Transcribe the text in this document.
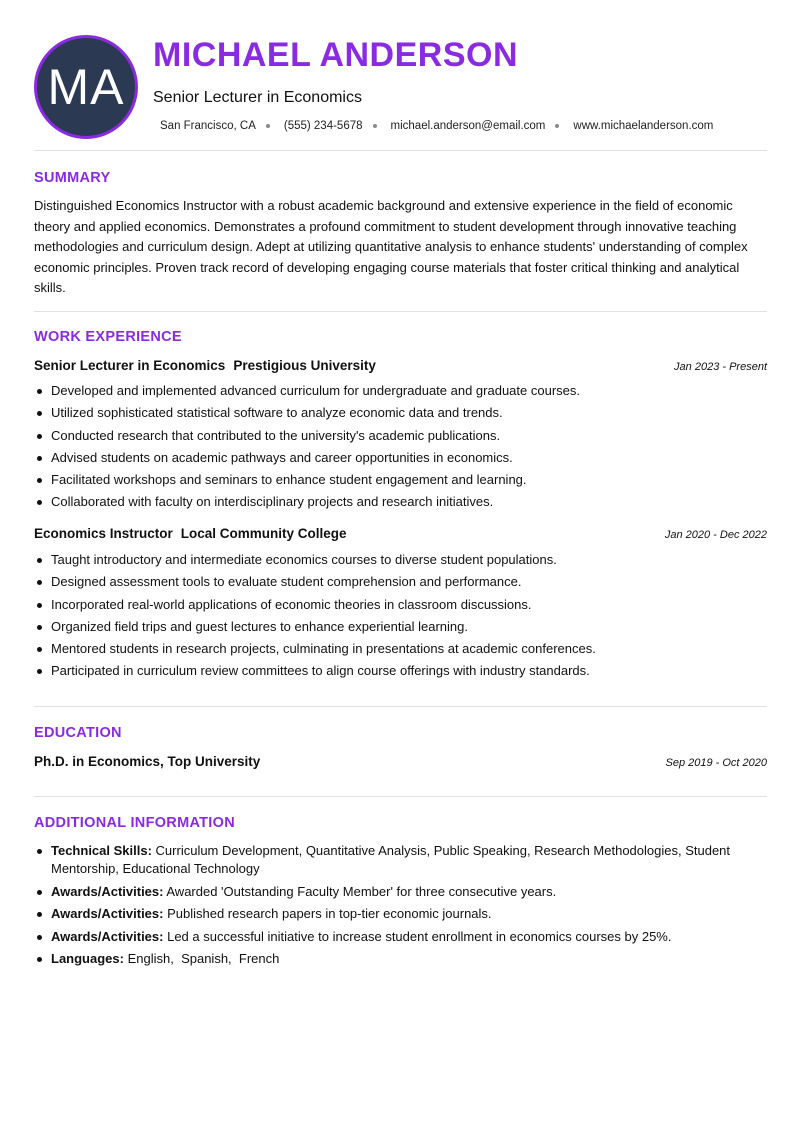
MA
MICHAEL ANDERSON
Senior Lecturer in Economics
San Francisco, CA (555) 234-5678 michael.anderson@email.com www.michaelanderson.com
SUMMARY
Distinguished Economics Instructor with a robust academic background and extensive experience in the field of economic theory and applied economics. Demonstrates a profound commitment to student development through innovative teaching methodologies and curriculum design. Adept at utilizing quantitative analysis to enhance students' understanding of complex economic principles. Proven track record of developing engaging course materials that foster critical thinking and analytical skills.
WORK EXPERIENCE
Senior Lecturer in Economics Prestigious University	Jan 2023 - Present
Developed and implemented advanced curriculum for undergraduate and graduate courses.
Utilized sophisticated statistical software to analyze economic data and trends.
Conducted research that contributed to the university's academic publications.
Advised students on academic pathways and career opportunities in economics.
Facilitated workshops and seminars to enhance student engagement and learning.
Collaborated with faculty on interdisciplinary projects and research initiatives.
Economics Instructor Local Community College	Jan 2020 - Dec 2022
Taught introductory and intermediate economics courses to diverse student populations.
Designed assessment tools to evaluate student comprehension and performance.
Incorporated real-world applications of economic theories in classroom discussions.
Organized field trips and guest lectures to enhance experiential learning.
Mentored students in research projects, culminating in presentations at academic conferences.
Participated in curriculum review committees to align course offerings with industry standards.
EDUCATION
Ph.D. in Economics, Top University	Sep 2019 - Oct 2020
ADDITIONAL INFORMATION
Technical Skills: Curriculum Development, Quantitative Analysis, Public Speaking, Research Methodologies, Student Mentorship, Educational Technology
Awards/Activities: Awarded 'Outstanding Faculty Member' for three consecutive years.
Awards/Activities: Published research papers in top-tier economic journals.
Awards/Activities: Led a successful initiative to increase student enrollment in economics courses by 25%.
Languages: English,  Spanish,  French
